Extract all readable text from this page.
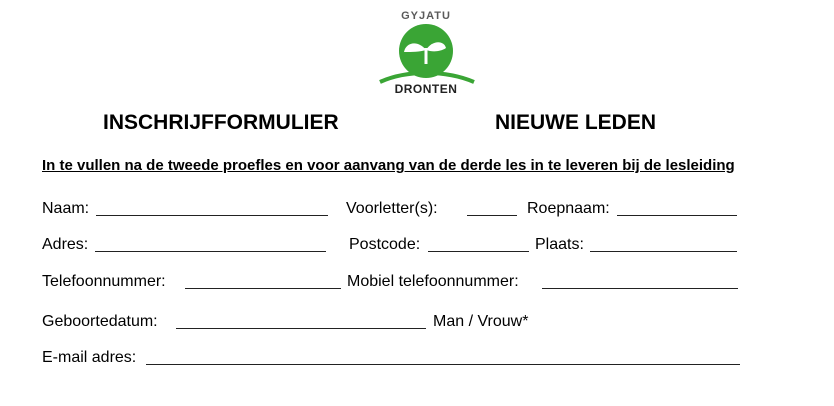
GYJATU
DRONTEN
INSCHRIJFFORMULIER	NIEUWE LEDEN
In te vullen na de tweede proefles en voor aanvang van de derde les in te leveren bij de lesleiding
Naam:	Voorletter(s):	Roepnaam:
Adres:	Postcode:	Plaats:
Telefoonnummer:	Mobiel telefoonnummer:
Geboortedatum:	Man / Vrouw*
E-mail adres:
